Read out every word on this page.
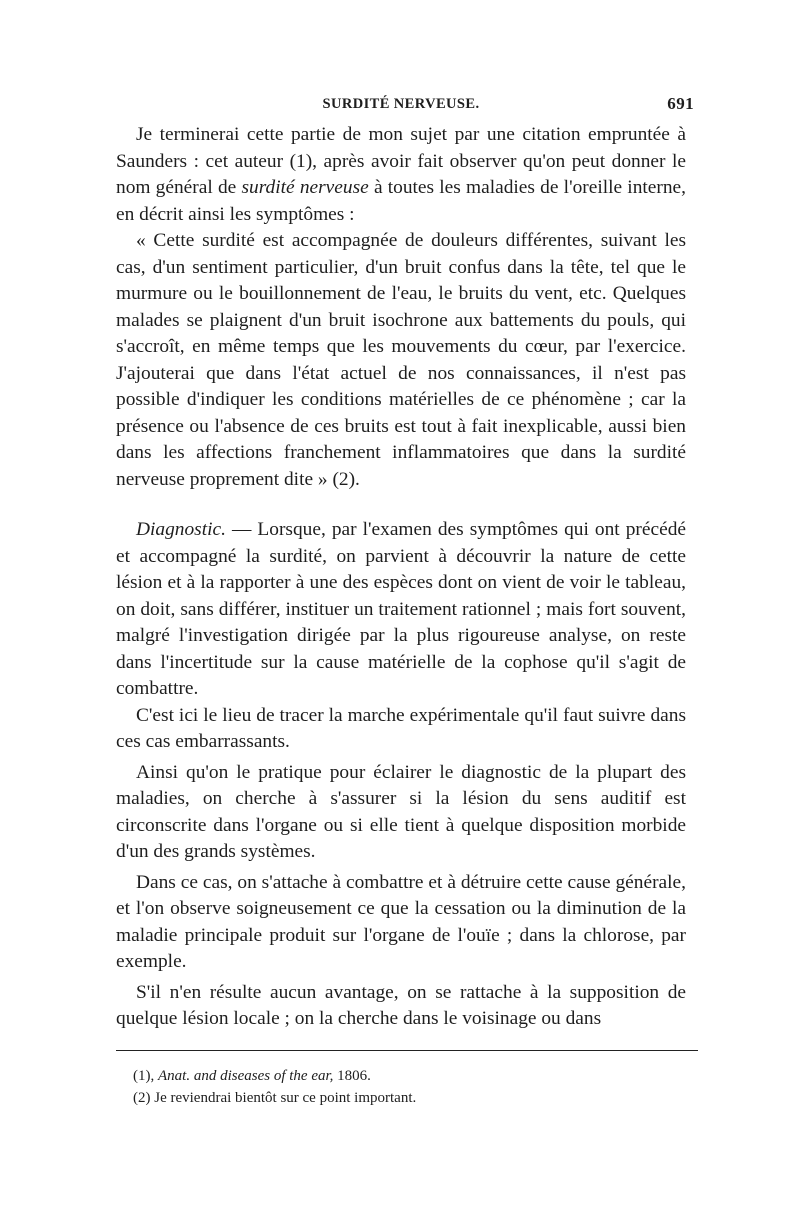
SURDITÉ NERVEUSE.	691

Je terminerai cette partie de mon sujet par une citation empruntée à Saunders : cet auteur (1), après avoir fait observer qu'on peut donner le nom général de surdité nerveuse à toutes les maladies de l'oreille interne, en décrit ainsi les symptômes :

« Cette surdité est accompagnée de douleurs différentes, suivant les cas, d'un sentiment particulier, d'un bruit confus dans la tête, tel que le murmure ou le bouillonnement de l'eau, le bruits du vent, etc. Quelques malades se plaignent d'un bruit isochrone aux battements du pouls, qui s'accroît, en même temps que les mouvements du cœur, par l'exercice. J'ajouterai que dans l'état actuel de nos connaissances, il n'est pas possible d'indiquer les conditions matérielles de ce phénomène ; car la présence ou l'absence de ces bruits est tout à fait inexplicable, aussi bien dans les affections franchement inflammatoires que dans la surdité nerveuse proprement dite » (2).

Diagnostic. — Lorsque, par l'examen des symptômes qui ont précédé et accompagné la surdité, on parvient à découvrir la nature de cette lésion et à la rapporter à une des espèces dont on vient de voir le tableau, on doit, sans différer, instituer un traitement rationnel ; mais fort souvent, malgré l'investigation dirigée par la plus rigoureuse analyse, on reste dans l'incertitude sur la cause matérielle de la cophose qu'il s'agit de combattre.

C'est ici le lieu de tracer la marche expérimentale qu'il faut suivre dans ces cas embarrassants.

Ainsi qu'on le pratique pour éclairer le diagnostic de la plupart des maladies, on cherche à s'assurer si la lésion du sens auditif est circonscrite dans l'organe ou si elle tient à quelque disposition morbide d'un des grands systèmes.

Dans ce cas, on s'attache à combattre et à détruire cette cause générale, et l'on observe soigneusement ce que la cessation ou la diminution de la maladie principale produit sur l'organe de l'ouïe ; dans la chlorose, par exemple.

S'il n'en résulte aucun avantage, on se rattache à la supposition de quelque lésion locale ; on la cherche dans le voisinage ou dans

(1), Anat. and diseases of the ear, 1806.
(2) Je reviendrai bientôt sur ce point important.
